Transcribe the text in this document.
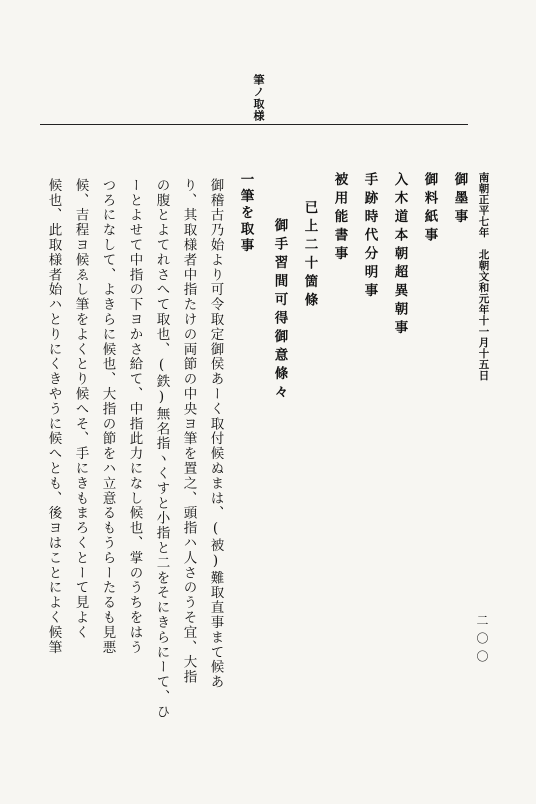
筆ノ取様
南朝正平七年　北朝文和元年十一月十五日
御墨事
御料紙事
入木道本朝超異朝事
手跡時代分明事
被用能書事
已上二十箇條
御手習間可得御意條々
一筆を取事
御稽古乃始より可令取定御侯あーく取付候ぬまは、(被)難取直事まて候あ
り、其取様者中指たけの両節の中央ヨ筆を置之、頭指ハ人さのうそ宜、大指
の腹とよてれさへて取也、(鉄)無名指ヽくすと小指と二をそにきらにーて、ひ
ーとよせて中指の下ヨかさ給て、中指此力になし候也、掌のうちをはう
つろになして、よきらに候也、大指の節をハ立意るもうらーたるも見悪
候、吉程ヨ候ゑし筆をよくとり候へそ、手にきもまろくとーて見よく
候也、此取様者始ハとりにくきやうに候へとも、後ヨはことによく候筆	二〇〇
